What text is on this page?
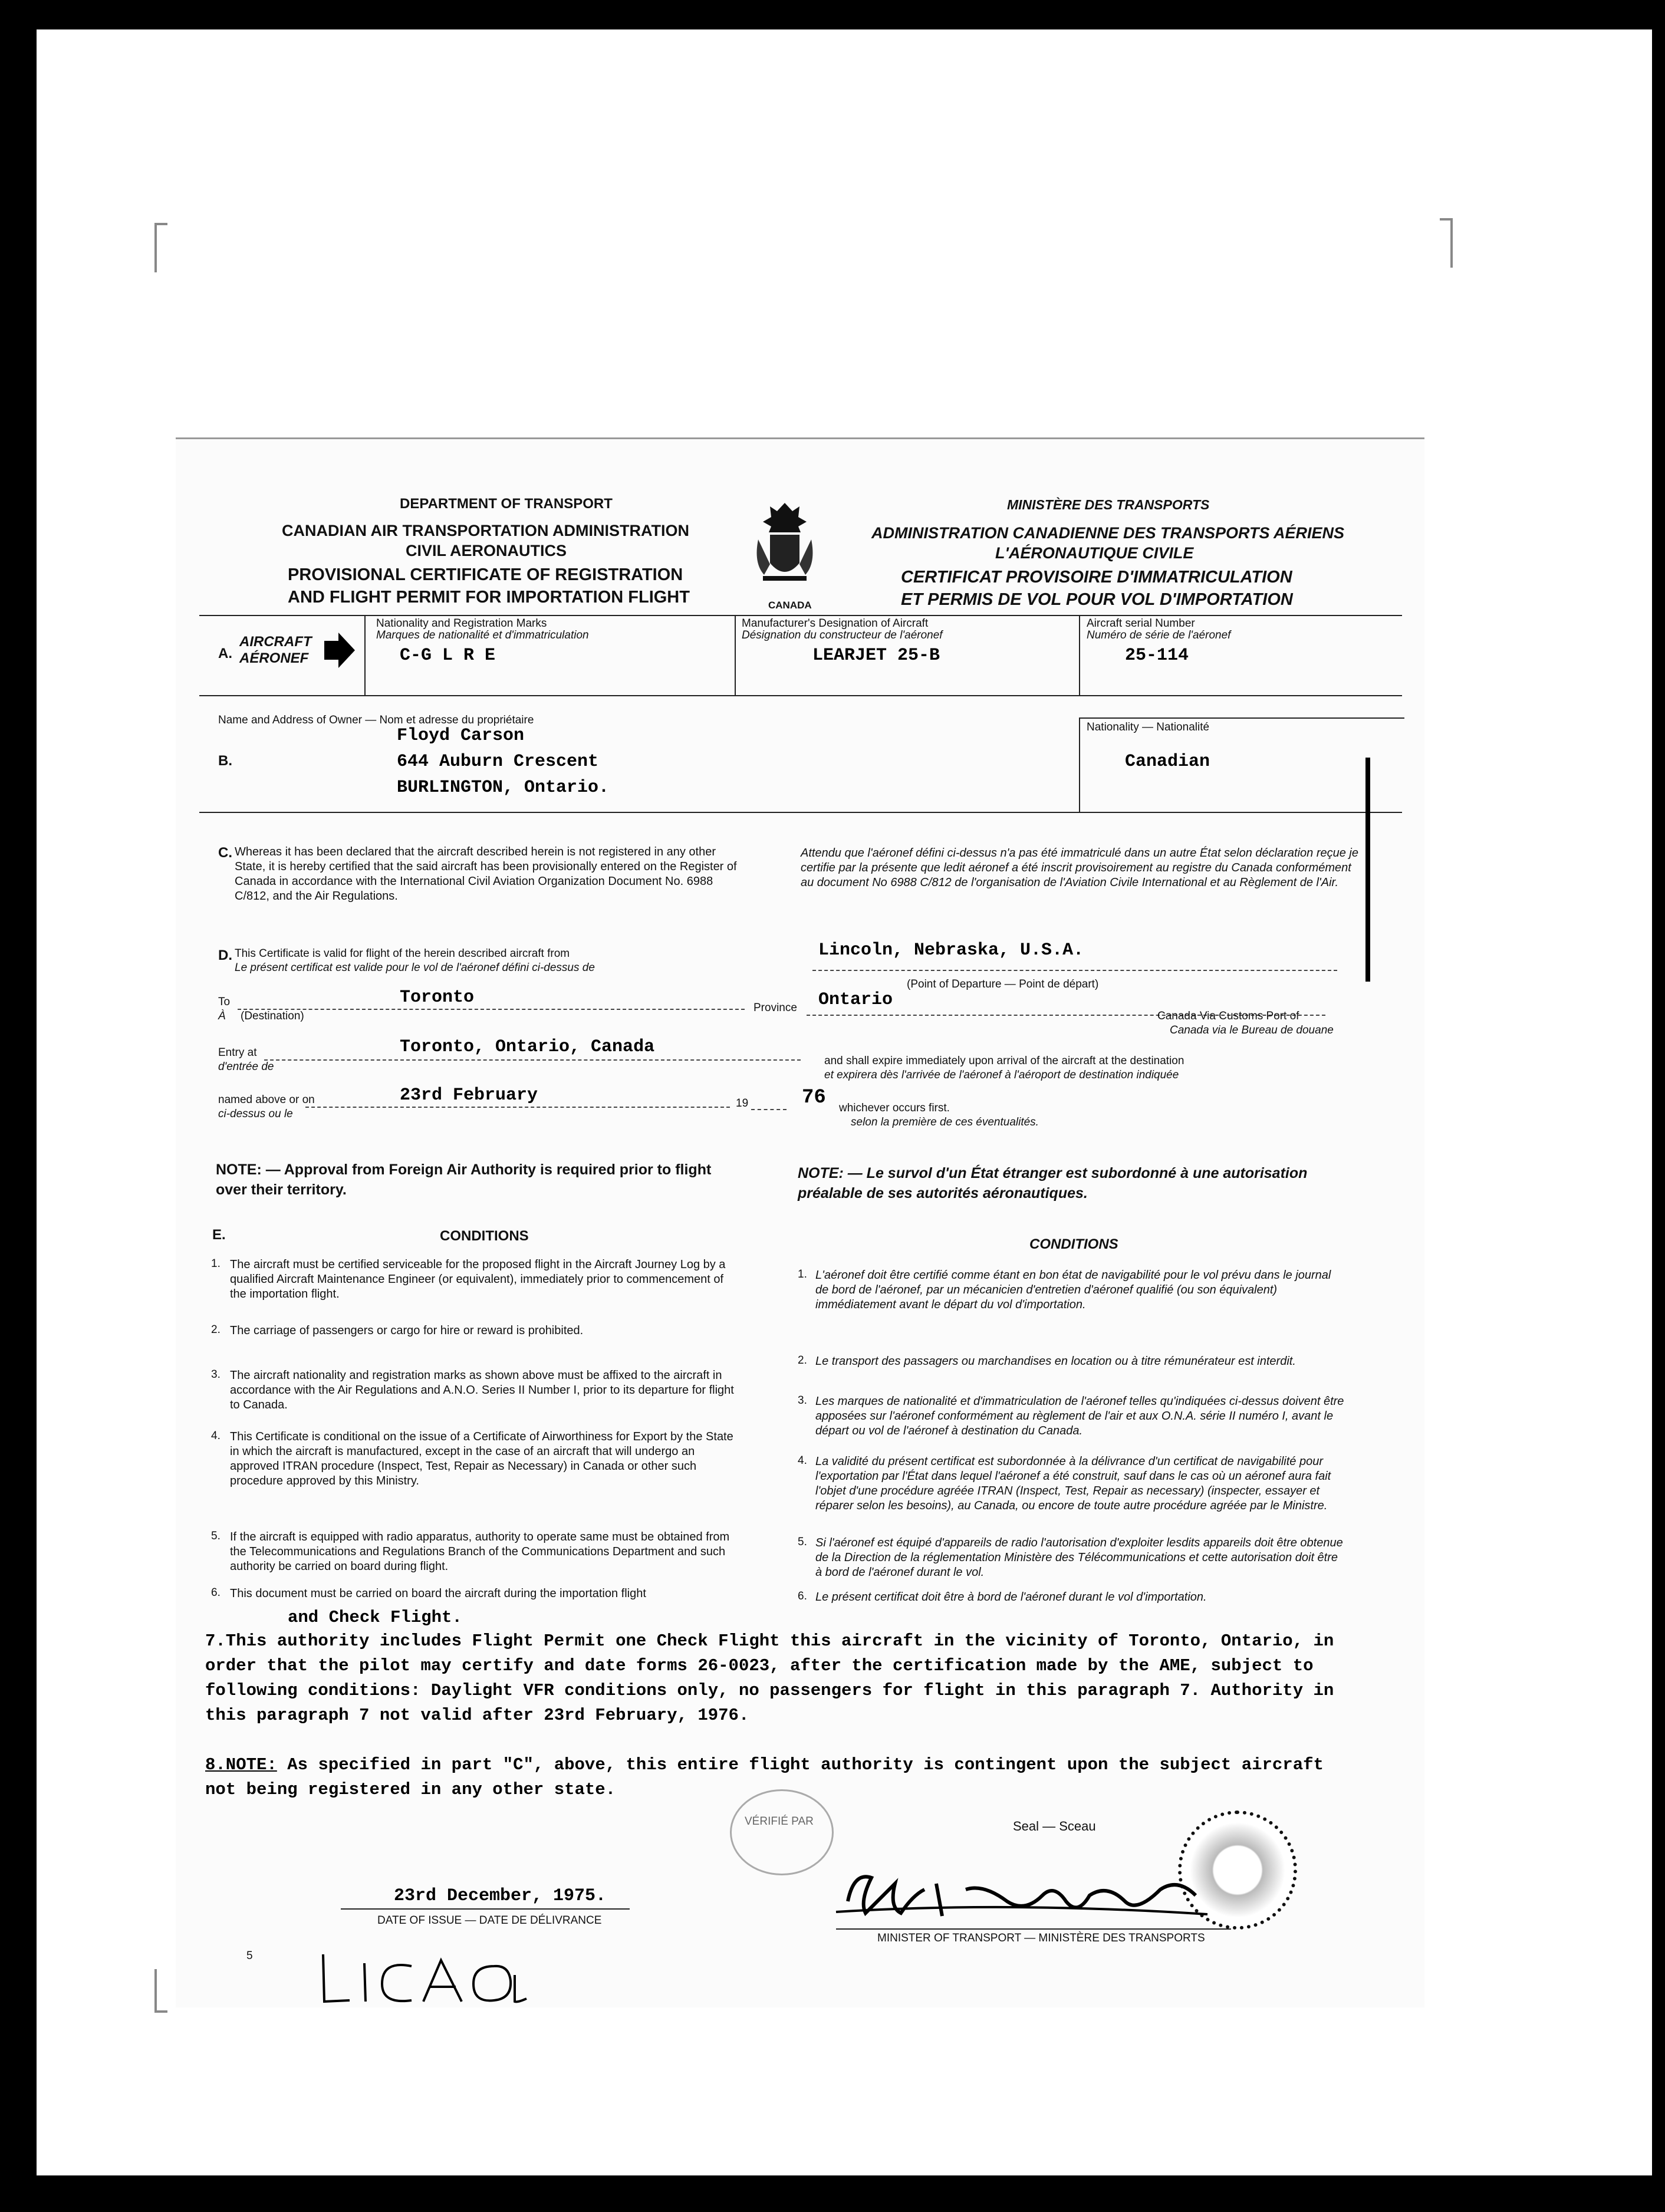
DEPARTMENT OF TRANSPORT
CANADIAN AIR TRANSPORTATION ADMINISTRATION
CIVIL AERONAUTICS
PROVISIONAL CERTIFICATE OF REGISTRATION
AND FLIGHT PERMIT FOR IMPORTATION FLIGHT	CANADA
MINISTÈRE DES TRANSPORTS
ADMINISTRATION CANADIENNE DES TRANSPORTS AÉRIENS
L'AÉRONAUTIQUE CIVILE
CERTIFICAT PROVISOIRE D'IMMATRICULATION
ET PERMIS DE VOL POUR VOL D'IMPORTATION
A.
AIRCRAFT
AÉRONEF
Nationality and Registration Marks
Marques de nationalité et d'immatriculation
C-G L R E
Manufacturer's Designation of Aircraft
Désignation du constructeur de l'aéronef
LEARJET 25-B
Aircraft serial Number
Numéro de série de l'aéronef
25-114
Name and Address of Owner — Nom et adresse du propriétaire
B.
Floyd Carson
644 Auburn Crescent
BURLINGTON, Ontario.
Nationality — Nationalité
Canadian
C. Whereas it has been declared that the aircraft described herein is not registered in any other State, it is hereby certified that the said aircraft has been provisionally entered on the Register of Canada in accordance with the International Civil Aviation Organization Document No. 6988 C/812, and the Air Regulations.
Attendu que l'aéronef défini ci-dessus n'a pas été immatriculé dans un autre État selon déclaration reçue je certifie par la présente que ledit aéronef a été inscrit provisoirement au registre du Canada conformément au document No 6988 C/812 de l'organisation de l'Aviation Civile International et au Règlement de l'Air.
D. This Certificate is valid for flight of the herein described aircraft from
Le présent certificat est valide pour le vol de l'aéronef défini ci-dessus de
Lincoln, Nebraska, U.S.A.
(Point of Departure — Point de départ)
To
À (Destination)
Toronto
Province Ontario
Canada Via Customs Port of
Canada via le Bureau de douane
Entry at
d'entrée de
Toronto, Ontario, Canada
and shall expire immediately upon arrival of the aircraft at the destination
et expirera dès l'arrivée de l'aéronef à l'aéroport de destination indiquée
named above or on
ci-dessus ou le
23rd February	19	76 whichever occurs first.
selon la première de ces éventualités.
NOTE: — Approval from Foreign Air Authority is required prior to flight over their territory.
NOTE: — Le survol d'un État étranger est subordonné à une autorisation préalable de ses autorités aéronautiques.
E.	CONDITIONS
CONDITIONS
1. The aircraft must be certified serviceable for the proposed flight in the Aircraft Journey Log by a qualified Aircraft Maintenance Engineer (or equivalent), immediately prior to commencement of the importation flight.
2. The carriage of passengers or cargo for hire or reward is prohibited.
3. The aircraft nationality and registration marks as shown above must be affixed to the aircraft in accordance with the Air Regulations and A.N.O. Series II Number I, prior to its departure for flight to Canada.
4. This Certificate is conditional on the issue of a Certificate of Airworthiness for Export by the State in which the aircraft is manufactured, except in the case of an aircraft that will undergo an approved ITRAN procedure (Inspect, Test, Repair as Necessary) in Canada or other such procedure approved by this Ministry.
5. If the aircraft is equipped with radio apparatus, authority to operate same must be obtained from the Telecommunications and Regulations Branch of the Communications Department and such authority be carried on board during flight.
6. This document must be carried on board the aircraft during the importation flight
1. L'aéronef doit être certifié comme étant en bon état de navigabilité pour le vol prévu dans le journal de bord de l'aéronef, par un mécanicien d'entretien d'aéronef qualifié (ou son équivalent) immédiatement avant le départ du vol d'importation.
2. Le transport des passagers ou marchandises en location ou à titre rémunérateur est interdit.
3. Les marques de nationalité et d'immatriculation de l'aéronef telles qu'indiquées ci-dessus doivent être apposées sur l'aéronef conformément au règlement de l'air et aux O.N.A. série II numéro I, avant le départ ou vol de l'aéronef à destination du Canada.
4. La validité du présent certificat est subordonnée à la délivrance d'un certificat de navigabilité pour l'exportation par l'État dans lequel l'aéronef a été construit, sauf dans le cas où un aéronef aura fait l'objet d'une procédure agréée ITRAN (Inspect, Test, Repair as necessary) (inspecter, essayer et réparer selon les besoins), au Canada, ou encore de toute autre procédure agréée par le Ministre.
5. Si l'aéronef est équipé d'appareils de radio l'autorisation d'exploiter lesdits appareils doit être obtenue de la Direction de la réglementation Ministère des Télécommunications et cette autorisation doit être à bord de l'aéronef durant le vol.
6. Le présent certificat doit être à bord de l'aéronef durant le vol d'importation.
and Check Flight.
7.This authority includes Flight Permit one Check Flight this aircraft in the vicinity of Toronto, Ontario, in order that the pilot may certify and date forms 26-0023, after the certification made by the AME, subject to following conditions: Daylight VFR conditions only, no passengers for flight in this paragraph 7. Authority in this paragraph 7 not valid after 23rd February, 1976.
8.NOTE: As specified in part "C", above, this entire flight authority is contingent upon the subject aircraft not being registered in any other state.
Seal — Sceau
VÉRIFIÉ PAR
23rd December, 1975.
DATE OF ISSUE — DATE DE DÉLIVRANCE
MINISTER OF TRANSPORT — MINISTÈRE DES TRANSPORTS
5
